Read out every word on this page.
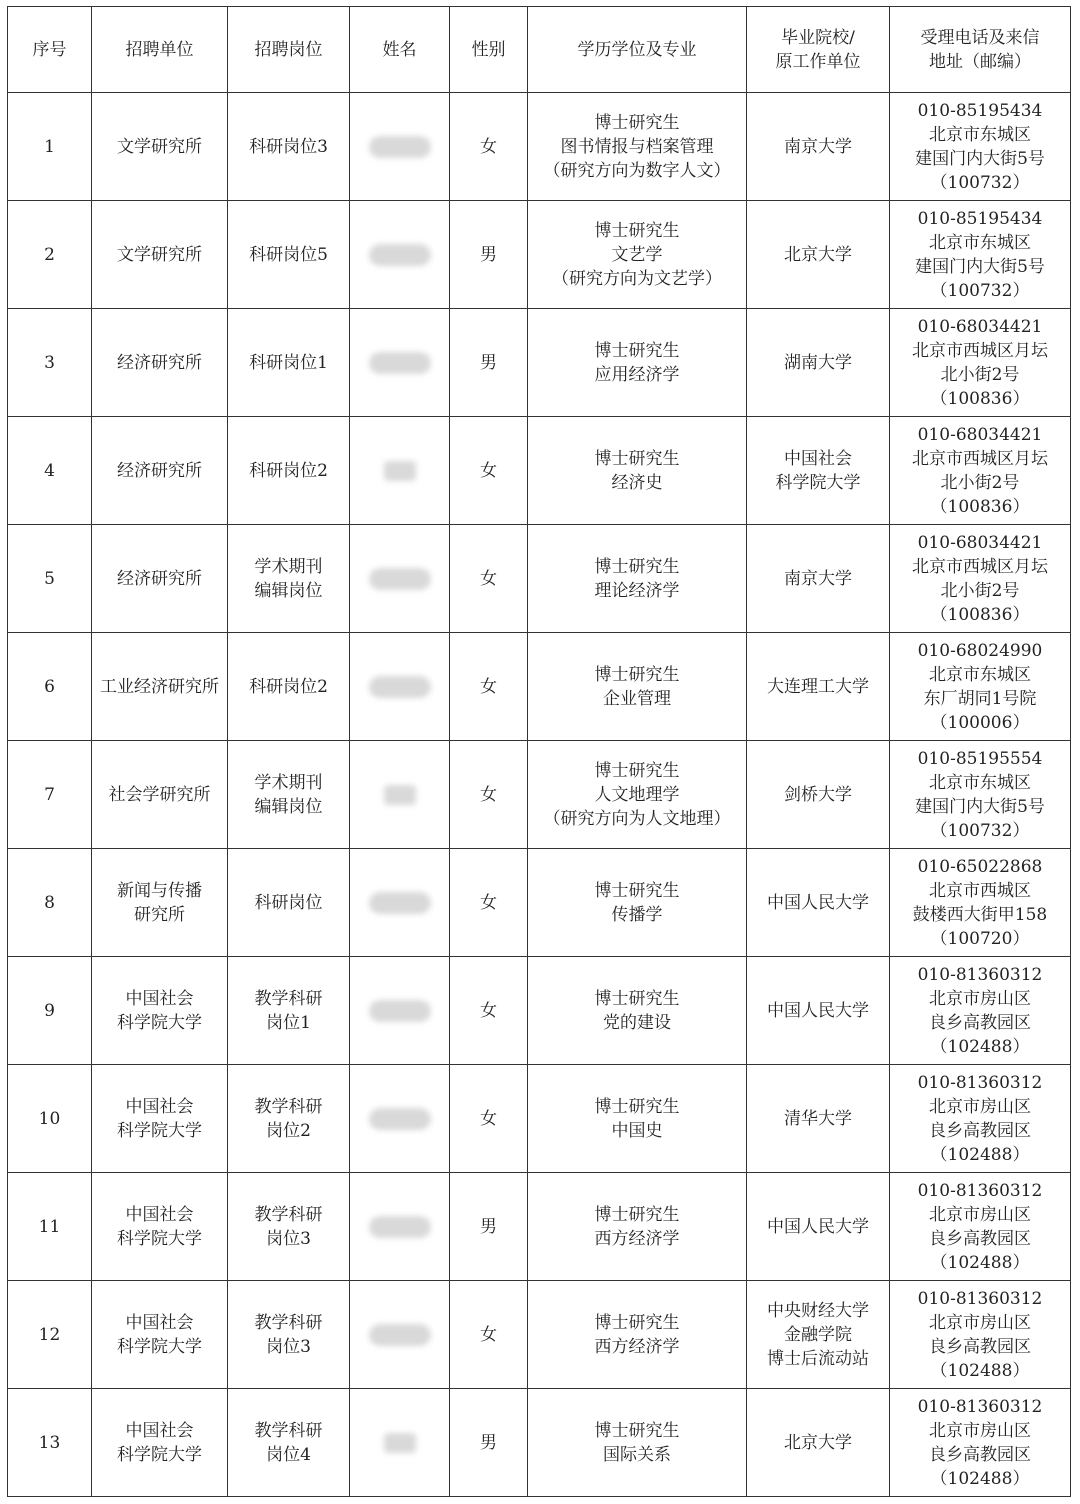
序号	招聘单位	招聘岗位	姓名	性别	学历学位及专业	毕业院校/
原工作单位	受理电话及来信
地址（邮编）
1	文学研究所	科研岗位3		女	博士研究生
图书情报与档案管理
（研究方向为数字人文）	南京大学	010-85195434
北京市东城区
建国门内大街5号
（100732）
2	文学研究所	科研岗位5		男	博士研究生
文艺学
（研究方向为文艺学）	北京大学	010-85195434
北京市东城区
建国门内大街5号
（100732）
3	经济研究所	科研岗位1		男	博士研究生
应用经济学	湖南大学	010-68034421
北京市西城区月坛
北小街2号
（100836）
4	经济研究所	科研岗位2		女	博士研究生
经济史	中国社会
科学院大学	010-68034421
北京市西城区月坛
北小街2号
（100836）
5	经济研究所	学术期刊
编辑岗位		女	博士研究生
理论经济学	南京大学	010-68034421
北京市西城区月坛
北小街2号
（100836）
6	工业经济研究所	科研岗位2		女	博士研究生
企业管理	大连理工大学	010-68024990
北京市东城区
东厂胡同1号院
（100006）
7	社会学研究所	学术期刊
编辑岗位		女	博士研究生
人文地理学
（研究方向为人文地理）	剑桥大学	010-85195554
北京市东城区
建国门内大街5号
（100732）
8	新闻与传播
研究所	科研岗位		女	博士研究生
传播学	中国人民大学	010-65022868
北京市西城区
鼓楼西大街甲158
（100720）
9	中国社会
科学院大学	教学科研
岗位1		女	博士研究生
党的建设	中国人民大学	010-81360312
北京市房山区
良乡高教园区
（102488）
10	中国社会
科学院大学	教学科研
岗位2		女	博士研究生
中国史	清华大学	010-81360312
北京市房山区
良乡高教园区
（102488）
11	中国社会
科学院大学	教学科研
岗位3		男	博士研究生
西方经济学	中国人民大学	010-81360312
北京市房山区
良乡高教园区
（102488）
12	中国社会
科学院大学	教学科研
岗位3		女	博士研究生
西方经济学	中央财经大学
金融学院
博士后流动站	010-81360312
北京市房山区
良乡高教园区
（102488）
13	中国社会
科学院大学	教学科研
岗位4		男	博士研究生
国际关系	北京大学	010-81360312
北京市房山区
良乡高教园区
（102488）
